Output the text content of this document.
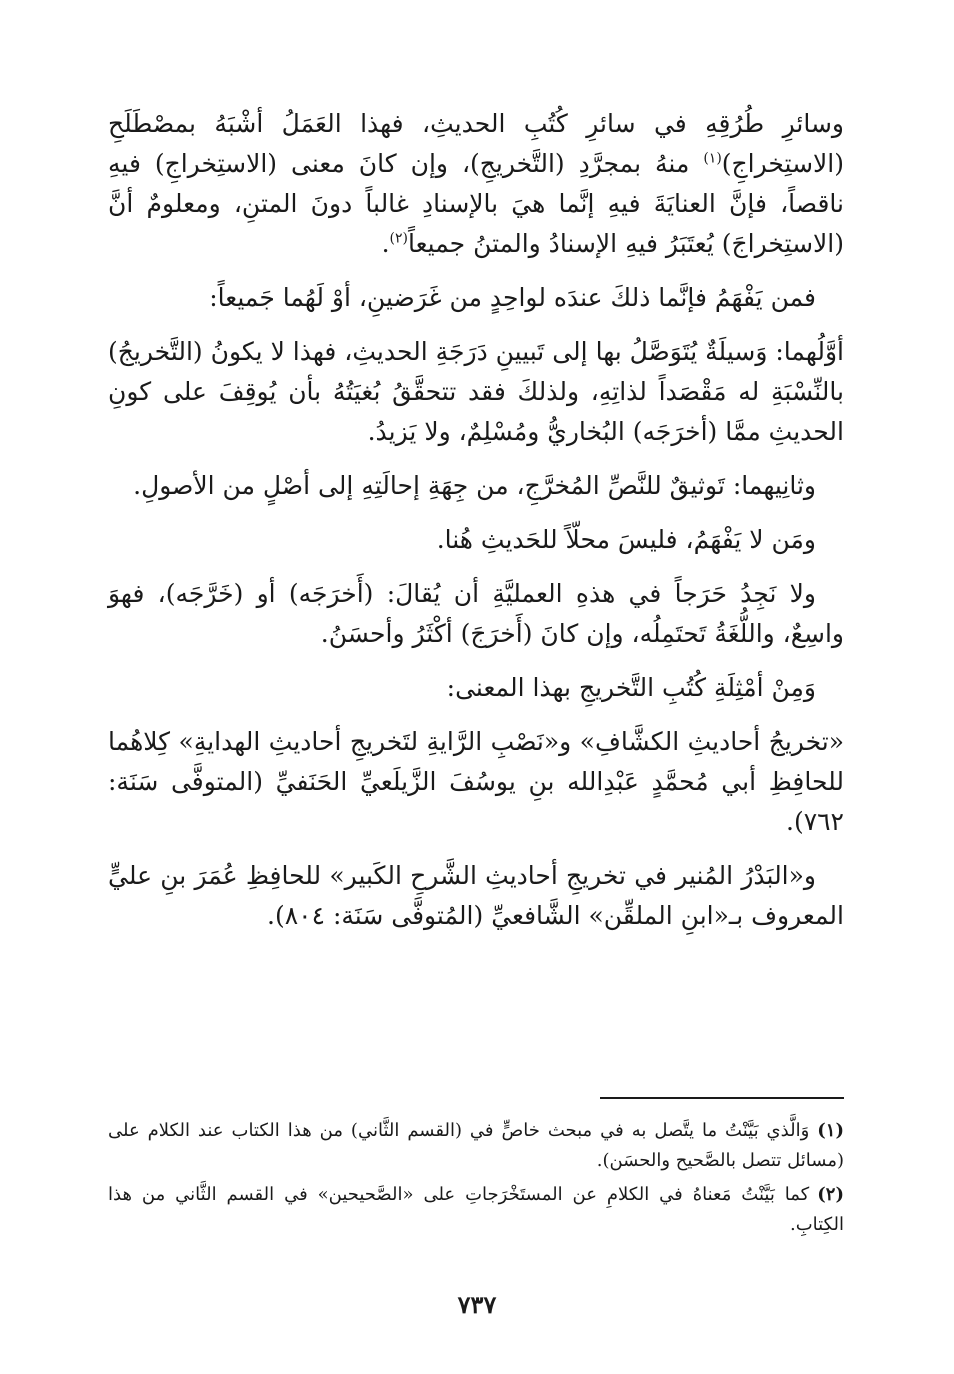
وسائرِ طُرُقِهِ في سائرِ كُتُبِ الحديثِ، فهذا العَمَلُ أشْبَهُ بمصْطَلَحِ (الاستِخراجِ)$^{(١)}$ منهُ بمجرَّدِ (التَّخريجِ)، وإن كانَ معنى (الاستِخراجِ) فيهِ ناقصاً، فإنَّ العنايَةَ فيهِ إنَّما هيَ بالإسنادِ غالباً دونَ المتنِ، ومعلومٌ أنَّ (الاستِخراجَ) يُعتَبَرُ فيهِ الإسنادُ والمتنُ جميعاً$^{(٢)}$.

فمن يَفْهَمُ فإنَّما ذلكَ عندَه لواحِدٍ من غَرَضينِ، أوْ لَهُما جَميعاً:

أوَّلُهما: وَسيلَةٌ يُتَوَصَّلُ بها إلى تَبيينِ دَرَجَةِ الحديثِ، فهذا لا يكونُ (التَّخريجُ) بالنِّسْبَةِ له مَقْصَداً لذاتِهِ، ولذلكَ فقد تتحقَّقُ بُغيَتُهُ بأن يُوقِفَ على كونِ الحديثِ ممَّا (أخرَجَه) البُخاريُّ ومُسْلِمٌ، ولا يَزيدُ.

وثانِيهما: تَوثيقٌ للنَّصِّ المُخرَّجِ، من جِهَةِ إحالَتِهِ إلى أصْلٍ من الأصولِ.

ومَن لا يَفْهَمُ، فليسَ محلّاً للحَديثِ هُنا.

ولا نَجِدُ حَرَجاً في هذهِ العمليَّةِ أن يُقالَ: (أَخرَجَه) أو (خَرَّجَه)، فهوَ واسِعٌ، واللُّغَةُ تَحتَمِلُه، وإن كانَ (أَخرَجَ) أكْثَرُ وأحسَنُ.

وَمِنْ أمْثِلَةِ كُتُبِ التَّخريجِ بهذا المعنى:

«تخريجُ أحاديثِ الكشَّافِ» و«نَصْبِ الرَّايةِ لتَخريجِ أحاديثِ الهدايةِ» كِلاهُما للحافِظِ أبي مُحمَّدٍ عَبْدِالله بنِ يوسُفَ الزَّيلَعيِّ الحَنَفيِّ (المتوفَّى سَنَة: ٧٦٢).

و«البَدْرُ المُنير في تخريجِ أحاديثِ الشَّرحِ الكَبير» للحافِظِ عُمَرَ بنِ عليٍّ المعروف بـ«ابنِ الملقِّن» الشَّافعيِّ (المُتوفَّى سَنَة: ٨٠٤).

(١)وَالَّذي بَيَّنْتُ ما يتَّصل به في مبحث خاصٍّ في (القسم الثَّاني) من هذا الكتاب عند الكلام على (مسائل تتصل بالصَّحيح والحسَن).

(٢)كما بَيَّنْتُ مَعناهُ في الكلامِ عن المستَخْرَجاتِ على «الصَّحيحين» في القسم الثَّاني من هذا الكِتابِ.

٧٣٧
